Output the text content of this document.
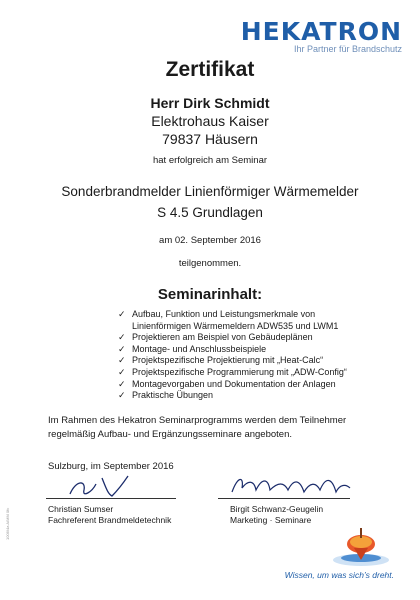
HEKATRON
Ihr Partner für Brandschutz
Zertifikat
Herr Dirk Schmidt
Elektrohaus Kaiser
79837 Häusern
hat erfolgreich am Seminar
Sonderbrandmelder Linienförmiger Wärmemelder
S 4.5 Grundlagen
am 02. September 2016
teilgenommen.
Seminarinhalt:
✓ Aufbau, Funktion und Leistungsmerkmale von
Linienförmigen Wärmemeldern ADW535 und LWM1
✓ Projektieren am Beispiel von Gebäudeplänen
✓ Montage- und Anschlussbeispiele
✓ Projektspezifische Projektierung mit „Heat-Calc“
✓ Projektspezifische Programmierung mit „ADW-Config“
✓ Montagevorgaben und Dokumentation der Anlagen
✓ Praktische Übungen
Im Rahmen des Hekatron Seminarprogramms werden dem Teilnehmer
regelmäßig Aufbau- und Ergänzungsseminare angeboten.
Sulzburg, im September 2016
Christian Sumser
Fachreferent Brandmeldetechnik
Birgit Schwanz-Geugelin
Marketing · Seminare
1006/4a A/MM 0fc
Wissen, um was sich’s dreht.
